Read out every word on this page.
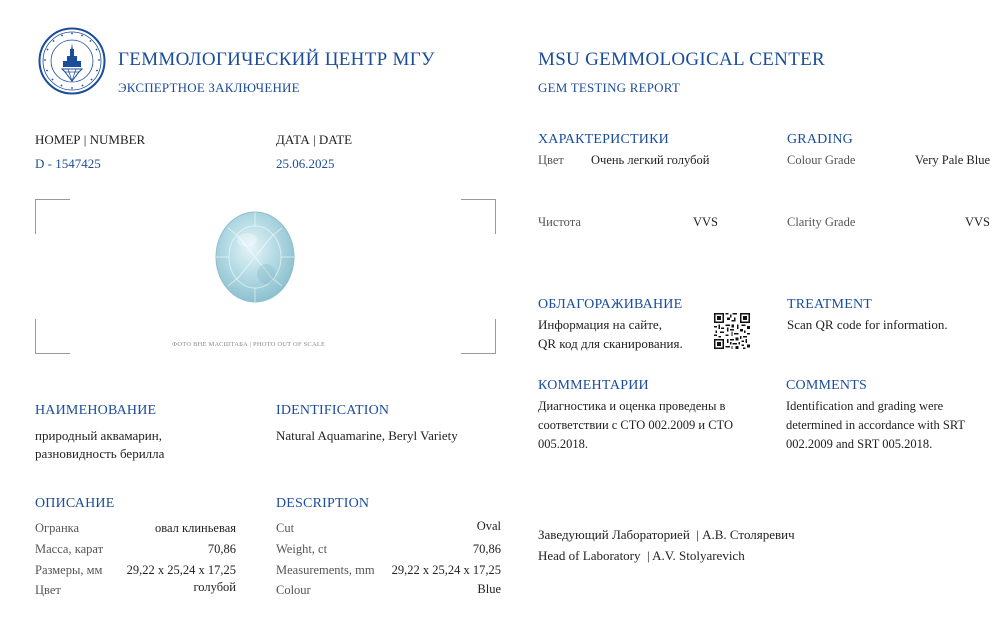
ГЕММОЛОГИЧЕСКИЙ ЦЕНТР МГУ
ЭКСПЕРТНОЕ ЗАКЛЮЧЕНИЕ
MSU GEMMOLOGICAL CENTER
GEM TESTING REPORT
НОМЕР | NUMBER
D - 1547425
ДАТА | DATE
25.06.2025
ФОТО ВНЕ МАСШТАБА | PHOTO OUT OF SCALE
НАИМЕНОВАНИЕ
природный аквамарин,
разновидность берилла
IDENTIFICATION
Natural Aquamarine, Beryl Variety
ОПИСАНИЕ	DESCRIPTION
Огранка	овал клиньевая
Масса, карат	70,86
Размеры, мм 29,22 x 25,24 x 17,25
Цвет	голубой
Cut	Oval
Weight, ct	70,86
Measurements, mm 29,22 x 25,24 x 17,25
Colour	Blue
ХАРАКТЕРИСТИКИ	GRADING
Цвет Очень легкий голубой	Colour Grade	Very Pale Blue
Чистота	VVS	Clarity Grade	VVS
ОБЛАГОРАЖИВАНИЕ
Информация на сайте,
QR код для сканирования.
TREATMENT
Scan QR code for information.
КОММЕНТАРИИ
Диагностика и оценка проведены в соответствии с СТО 002.2009 и СТО 005.2018.
COMMENTS
Identification and grading were determined in accordance with SRT 002.2009 and SRT 005.2018.
Заведующий Лабораторией  | А.В. Столяревич
Head of Laboratory  | A.V. Stolyarevich
